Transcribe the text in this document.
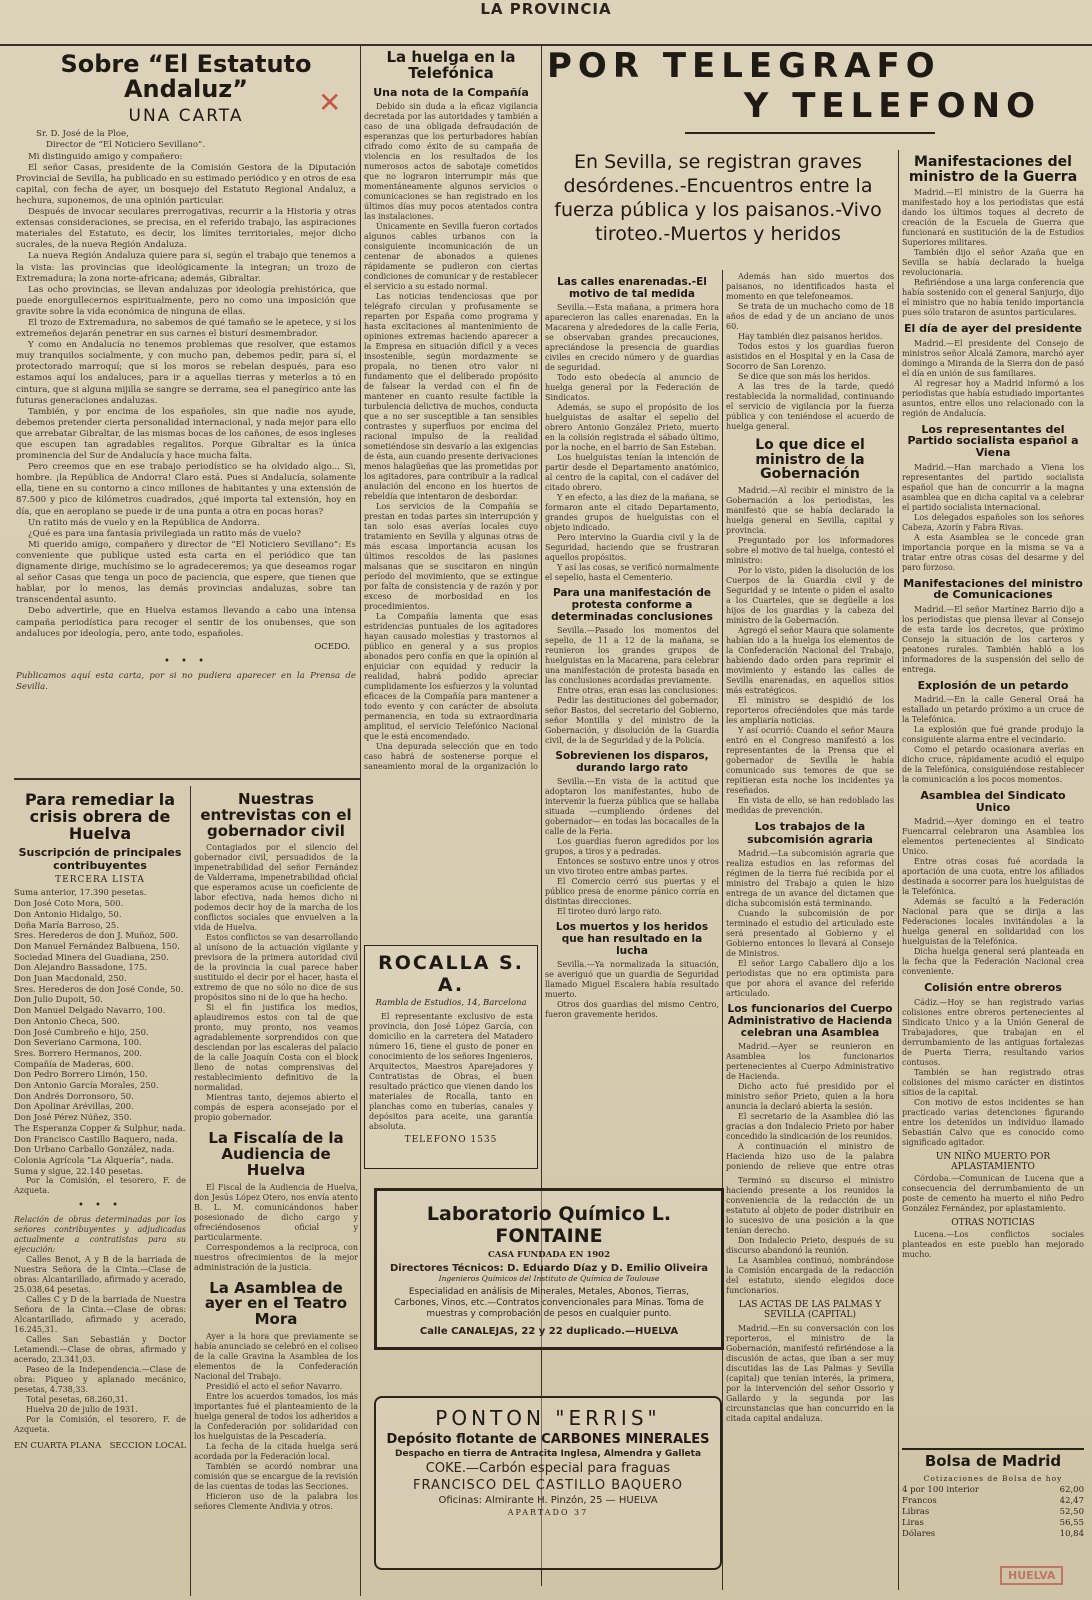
LA PROVINCIA
Sobre “El Estatuto Andaluz”
UNA CARTA

Sr. D. José de la Ploe,

Director de “El Noticiero Sevillano”.

Mi distinguido amigo y compañero:

El señor Casas, presidente de la Comisión Gestora de la Diputación Provincial de Sevilla, ha publicado en su estimado periódico y en otros de esa capital, con fecha de ayer, un bosquejo del Estatuto Regional Andaluz, a hechura, suponemos, de una opinión particular.

Después de invocar seculares prerrogativas, recurrir a la Historia y otras extensas consideraciones, se precisa, en el referido trabajo, las aspiraciones materiales del Estatuto, es decir, los límites territoriales, mejor dicho sucrales, de la nueva Región Andaluza.

La nueva Región Andaluza quiere para sí, según el trabajo que tenemos a la vista: las provincias que ideológicamente la integran; un trozo de Extremadura; la zona norte-africana; además, Gibraltar.

Las ocho provincias, se llevan andaluzas por ideología prehistórica, que puede enorgullecernos espiritualmente, pero no como una imposición que gravite sobre la vida económica de ninguna de ellas.

El trozo de Extremadura, no sabemos de qué tamaño se le apetece, y si los extremeños dejarán penetrar en sus carnes el bisturí desmembrador.

Y como en Andalucía no tenemos problemas que resolver, que estamos muy tranquilos socialmente, y con mucho pan, debemos pedir, para sí, el protectorado marroquí; que si los moros se rebelan después, para eso estamos aquí los andaluces, para ir a aquellas tierras y meterlos a tó en cintura, que si alguna mijilla se sangre se derrama, sea el panegírico ante las futuras generaciones andaluzas.

También, y por encima de los españoles, sin que nadie nos ayude, debemos pretender cierta personalidad internacional, y nada mejor para ello que arrebatar Gibraltar, de las mismas bocas de los cañones, de esos ingleses que escupen tan agradables regalitos. Porque Gibraltar es la única prominencia del Sur de Andalucía y hace mucha falta.

Pero creemos que en ese trabajo periodístico se ha olvidado algo... Si, hombre. ¡la República de Andorra! Claro está. Pues si Andalucía, solamente ella, tiene en su contorno a cinco millones de habitantes y una extensión de 87.500 y pico de kilómetros cuadrados, ¿qué importa tal extensión, hoy en día, que en aeroplano se puede ir de una punta a otra en pocas horas?

Un ratito más de vuelo y en la República de Andorra.

¿Qué es para una fantasía privilegiada un ratito más de vuelo?

Mi querido amigo, compañero y director de “El Noticiero Sevillano”: Es conveniente que publique usted esta carta en el periódico que tan dignamente dirige, muchísimo se lo agradeceremos; ya que deseamos rogar al señor Casas que tenga un poco de paciencia, que espere, que tienen que hablar, por lo menos, las demás provincias andaluzas, sobre tan transcendental asunto.

Debo advertirle, que en Huelva estamos llevando a cabo una intensa campaña periodística para recoger el sentir de los onubenses, que son andaluces por ideología, pero, ante todo, españoles.

OCEDO.
• • •

Publicamos aquí esta carta, por si no pudiera aparecer en la Prensa de Sevilla.

✕
Para remediar la crisis obrera de Huelva
Suscripción de principales contribuyentes
TERCERA LISTA

Suma anterior, 17.390 pesetas.

Don José Coto Mora, 500.

Don Antonio Hidalgo, 50.

Doña María Barroso, 25.

Sres. Herederos de don J. Muñoz, 500.

Don Manuel Fernández Balbuena, 150.

Sociedad Minera del Guadiana, 250.

Don Alejandro Bassadone, 175.

Don Juan Macdonald, 250.

Sres. Herederos de don José Conde, 50.

Don Julio Dupoit, 50.

Don Manuel Delgado Navarro, 100.

Don Antonio Checa, 500.

Don José Cumbreño e hijo, 250.

Don Severiano Carmona, 100.

Sres. Borrero Hermanos, 200.

Compañía de Maderas, 600.

Don Pedro Borrero Limón, 150.

Don Antonio García Morales, 250.

Don Andrés Dorronsoro, 50.

Don Apolinar Arévillas, 200.

Don José Pérez Núñez, 350.

The Esperanza Copper & Sulphur, nada.

Don Francisco Castillo Baquero, nada.

Don Urbano Carballo González, nada.

Colonia Agrícola “La Alquería”, nada.

Suma y sigue, 22.140 pesetas.

Por la Comisión, el tesorero, F. de Azqueta.

• • •

Relación de obras determinadas por los señores contribuyentes y adjudicadas actualmente a contratistas para su ejecución:

Calles Benot, A y B de la barriada de Nuestra Señora de la Cinta.—Clase de obras: Alcantarillado, afirmado y acerado, 25.038,64 pesetas.

Calles C y D de la barriada de Nuestra Señora de la Cinta.—Clase de obras: Alcantarillado, afirmado y acerado, 16.245,31.

Calles San Sebastián y Doctor Letamendi.—Clase de obras, afirmado y acerado, 23.341,03.

Paseo de la Independencia.—Clase de obra: Piqueo y aplanado mecánico, pesetas, 4.738,33.

Total pesetas, 68.260,31.

Huelva 20 de julio de 1931.

Por la Comisión, el tesorero, F. de Azqueta.

EN CUARTA PLANA SECCION LOCAL
La huelga en la Telefónica
Una nota de la Compañía

Debido sin duda a la eficaz vigilancia decretada por las autoridades y también a caso de una obligada defraudación de esperanzas que los perturbadores habían cifrado como éxito de su campaña de violencia en los resultados de los numerosos actos de sabotaje cometidos que no lograron interrumpir más que momentáneamente algunos servicios o comunicaciones se han registrado en los últimos días muy pocos atentados contra las instalaciones.

Únicamente en Sevilla fueron cortados algunos cables urbanos con la consiguiente incomunicación de un centenar de abonados a quienes rápidamente se pudieron con ciertas condiciones de comunicar y de restablecer el servicio a su estado normal.

Las noticias tendenciosas que por telégrafo circulan y profusamente se reparten por España como programa y hasta excitaciones al mantenimiento de opiniones extremas haciendo aparecer a la Empresa en situación difícil y a veces insostenible, según mordazmente se propala, no tienen otro valor ni fundamento que el deliberado propósito de falsear la verdad con el fin de mantener en cuanto resulte factible la turbulencia delictiva de muchos, conducta que a no ser susceptible a tan sensibles contrastes y superfluos por encima del racional impulso de la realidad sometiéndose sin desvarío a las exigencias de ésta, aun cuando presente derivaciones menos halagüeñas que las prometidas por los agitadores, para contribuir a la radical anulación del encono en los huertos de rebeldía que intentaron de desbordar.

Los servicios de la Compañía se prestan en todas partes sin interrupción y tan solo esas averías locales cuyo tratamiento en Sevilla y algunas otras de más escasa importancia acusan los últimos rescoldos de las pasiones malsanas que se suscitaron en ningún período del movimiento, que se extingue por falta de consistencia y de razón y por exceso de morbosidad en los procedimientos.

La Compañía lamenta que esas estridencias puntuales de los agitadores hayan causado molestias y trastornos al público en general y a sus propios abonados pero confía en que la opinión al enjuiciar con equidad y reducir la realidad, habrá podido apreciar cumplidamente los esfuerzos y la voluntad eficaces de la Compañía para mantener a todo evento y con carácter de absoluta permanencia, en toda su extraordinaria amplitud, el servicio Telefónico Nacional que le está encomendado.

Una depurada selección que en todo caso habrá de sostenerse porque el saneamiento moral de la organización lo

Nuestras entrevistas con el gobernador civil

Contagiados por el silencio del gobernador civil, persuadidos de la impenetrabilidad del señor Fernández de Valderrama, impenetrabilidad oficial que esperamos acuse un coeficiente de labor efectiva, nada hemos dicho ni podemos decir hoy de la marcha de los conflictos sociales que envuelven a la vida de Huelva.

Estos conflictos se van desarrollando al unísono de la actuación vigilante y previsora de la primera autoridad civil de la provincia la cual parece haber sustituido el decir por el hacer, hasta el extremo de que no sólo no dice de sus propósitos sino ni de lo que ha hecho.

Si el fin justifica los medios, aplaudiremos estos con tal de que pronto, muy pronto, nos veamos agradablemente sorprendidos con que desciendan por las escaleras del palacio de la calle Joaquín Costa con el block lleno de notas comprensivas del restablecimiento definitivo de la normalidad.

Mientras tanto, dejemos abierto el compás de espera aconsejado por el propio gobernador.

La Fiscalía de la Audiencia de Huelva

El Fiscal de la Audiencia de Huelva, don Jesús López Otero, nos envía atento B. L. M. comunicándonos haber posesionado de dicho cargo y ofreciéndosenos oficial y particularmente.

Correspondemos a la reciproca, con nuestros ofrecimientos de la mejor administración de la justicia.

La Asamblea de ayer en el Teatro Mora

Ayer a la hora que previamente se había anunciado se celebró en el coliseo de la calle Gravina la Asamblea de los elementos de la Confederación Nacional del Trabajo.

Presidió el acto el señor Navarro.

Entre los acuerdos tomados, los más importantes fué el planteamiento de la huelga general de todos los adheridos a la Confederación por solidaridad con los huelguistas de la Pescadería.

La fecha de la citada huelga será acordada por la Federación local.

También se acordó nombrar una comisión que se encargue de la revisión de las cuentas de todas las Secciones.

Hicieron uso de la palabra los señores Clemente Andivia y otros.

POR TELEGRAFO
Y TELEFONO
En Sevilla, se registran graves desórdenes.-Encuentros entre la fuerza pública y los paisanos.-Vivo tiroteo.-Muertos y heridos
Las calles enarenadas.-El motivo de tal medida

Sevilla.—Esta mañana, a primera hora aparecieron las calles enarenadas. En la Macarena y alrededores de la calle Feria, se observaban grandes precauciones, apreciándose la presencia de guardias civiles en crecido número y de guardias de seguridad.

Todo esto obedecía al anuncio de huelga general por la Federación de Sindicatos.

Además, se supo el propósito de los huelguistas de asaltar el sepelio del obrero Antonio González Prieto, muerto en la colisión registrada el sábado último, por la noche, en el barrio de San Esteban.

Los huelguistas tenían la intención de partir desde el Departamento anatómico, al centro de la capital, con el cadáver del citado obrero.

Y en efecto, a las diez de la mañana, se formaron ante el citado Departamento, grandes grupos de huelguistas con el objeto indicado.

Pero intervino la Guardia civil y la de Seguridad, haciendo que se frustraran aquellos propósitos.

Y así las cosas, se verificó normalmente el sepelio, hasta el Cementerio.

Para una manifestación de protesta conforme a determinadas conclusiones

Sevilla.—Pasado los momentos del sepelio, de 11 a 12 de la mañana, se reunieron los grandes grupos de huelguistas en la Macarena, para celebrar una manifestación de protesta basada en las conclusiones acordadas previamente.

Entre otras, eran esas las conclusiones:

Pedir las destituciones del gobernador, señor Bastos, del secretario del Gobierno, señor Montilla y del ministro de la Gobernación, y disolución de la Guardia civil, de la de Seguridad y de la Policía.

Sobrevienen los disparos, durando largo rato

Sevilla.—En vista de la actitud que adoptaron los manifestantes, hubo de intervenir la fuerza pública que se hallaba situada —cumpliendo órdenes del gobernador— en todas las bocacalles de la calle de la Feria.

Los guardias fueron agredidos por los grupos, a tiros y a pedradas.

Entonces se sostuvo entre unos y otros un vivo tiroteo entre ambas partes.

El Comercio cerró sus puertas y el público presa de enorme pánico corría en distintas direcciones.

El tiroteo duró largo rato.

Los muertos y los heridos que han resultado en la lucha

Sevilla.—Ya normalizada la situación, se averiguó que un guardia de Seguridad llamado Miguel Escalera había resultado muerto.

Otros dos guardias del mismo Centro, fueron gravemente heridos.

ROCALLA S. A.
Rambla de Estudios, 14, Barcelona

El representante exclusivo de esta provincia, don José López García, con domicilio en la carretera del Matadero número 16, tiene el gusto de poner en conocimiento de los señores Ingenieros, Arquitectos, Maestros Aparejadores y Contratistas de Obras, el buen resultado práctico que vienen dando los materiales de Rocalla, tanto en planchas como en tuberías, canales y depósitos para aceite, una garantía absoluta.

TELEFONO 1535

Además han sido muertos dos paisanos, no identificados hasta el momento en que telefoneamos.

Se trata de un muchacho como de 18 años de edad y de un anciano de unos 60.

Hay también diez paisanos heridos.

Todos estos y los guardias fueron asistidos en el Hospital y en la Casa de Socorro de San Lorenzo.

Se dice que son más los heridos.

A las tres de la tarde, quedó restablecida la normalidad, continuando el servicio de vigilancia por la fuerza pública y con teniéndose el acuerdo de huelga general.

Lo que dice el ministro de la Gobernación

Madrid.—Al recibir el ministro de la Gobernación a los periodistas, les manifestó que se había declarado la huelga general en Sevilla, capital y provincia.

Preguntado por los informadores sobre el motivo de tal huelga, contestó el ministro:

Por lo visto, piden la disolución de los Cuerpos de la Guardia civil y de Seguridad y se intente o piden el asalto a los Cuarteles, que se degüelle a los hijos de los guardias y la cabeza del ministro de la Gobernación.

Agregó el señor Maura que solamente habían ido a la huelga los elementos de la Confederación Nacional del Trabajo, habiendo dado orden para reprimir el movimiento y estando las calles de Sevilla enarenadas, en aquellos sitios más estratégicos.

El ministro se despidió de los reporteros ofreciéndoles que más tarde les ampliaría noticias.

Y así ocurrió: Cuando el señor Maura entró en el Congreso manifestó a los representantes de la Prensa que el gobernador de Sevilla le había comunicado sus temores de que se repitieran esta noche los incidentes ya reseñados.

En vista de ello, se han redoblado las medidas de prevención.

Los trabajos de la subcomisión agraria

Madrid.—La subcomisión agraria que realiza estudios en las reformas del régimen de la tierra fué recibida por el ministro del Trabajo a quien le hizo entrega de un avance del dictamen que dicha subcomisión está terminando.

Cuando la subcomisión de por terminado el estudio del articulado este será presentado al Gobierno y el Gobierno entonces lo llevará al Consejo de Ministros.

El señor Largo Caballero dijo a los periodistas que no era optimista para que por ahora el avance del referido articulado.

Los funcionarios del Cuerpo Administrativo de Hacienda celebran una Asamblea

Madrid.—Ayer se reunieron en Asamblea los funcionarios pertenecientes al Cuerpo Administrativo de Hacienda.

Dicho acto fué presidido por el ministro señor Prieto, quien a la hora anuncia la declaró abierta la sesión.

El secretario de la Asamblea dió las gracias a don Indalecio Prieto por haber concedido la sindicación de los reunidos.

A continuación el ministro de Hacienda hizo uso de la palabra poniendo de relieve que entre otras

Terminó su discurso el ministro haciendo presente a los reunidos la conveniencia de la redacción de un estatuto al objeto de poder distribuir en lo sucesivo de una posición a la que tenían derecho.

Don Indalecio Prieto, después de su discurso abandonó la reunión.

La Asamblea continuó, nombrándose la Comisión encargada de la redacción del estatuto, siendo elegidos doce funcionarios.

LAS ACTAS DE LAS PALMAS Y SEVILLA (CAPITAL)

Madrid.—En su conversación con los reporteros, el ministro de la Gobernación, manifestó refiriéndose a la discusión de actas, que iban a ser muy discutidas las de Las Palmas y Sevilla (capital) que tenían interés, la primera, por la intervención del señor Ossorio y Gallardo y la segunda por las circunstancias que han concurrido en la citada capital andaluza.

Manifestaciones del ministro de la Guerra

Madrid.—El ministro de la Guerra ha manifestado hoy a los periodistas que está dando los últimos toques al decreto de creación de la Escuela de Guerra que funcionará en sustitución de la de Estudios Superiores militares.

También dijo el señor Azaña que en Sevilla se había declarado la huelga revolucionaria.

Refiriéndose a una larga conferencia que había sostenido con el general Sanjurjo, dijo el ministro que no había tenido importancia pues sólo trataron de asuntos particulares.

El día de ayer del presidente

Madrid.—El presidente del Consejo de ministros señor Alcalá Zamora, marchó ayer domingo a Miranda de la Sierra don de pasó el día en unión de sus familiares.

Al regresar hoy a Madrid informó a los periodistas que había estudiado importantes asuntos, entre ellos uno relacionado con la región de Andalucía.

Los representantes del Partido socialista español a Viena

Madrid.—Han marchado a Viena los representantes del partido socialista español que han de concurrir a la magna asamblea que en dicha capital va a celebrar el partido socialista internacional.

Los delegados españoles son los señores Cabeza, Azorín y Fabra Rivas.

A esta Asamblea se le concede gran importancia porque en la misma se va a tratar entre otras cosas del desarme y del paro forzoso.

Manifestaciones del ministro de Comunicaciones

Madrid.—El señor Martínez Barrio dijo a los periodistas que piensa llevar al Consejo de esta tarde los decretos, que próximo Consejo la situación de los carteros y peatones rurales. También habló a los informadores de la suspensión del sello de entrega.

Explosión de un petardo

Madrid.—En la calle General Oraá ha estallado un petardo próximo a un cruce de la Telefónica.

La explosión que fué grande produjo la consiguiente alarma entre el vecindario.

Como el petardo ocasionara averías en dicho cruce, rápidamente acudió el equipo de la Telefónica, consiguiéndose restablecer la comunicación a los pocos momentos.

Asamblea del Sindicato Unico

Madrid.—Ayer domingo en el teatro Fuencarral celebraron una Asamblea los elementos pertenecientes al Sindicato Unico.

Entre otras cosas fué acordada la aportación de una cuota, entre los afiliados destinada a socorrer para los huelguistas de la Telefónica.

Además se facultó a la Federación Nacional para que se dirija a las Federaciones locales invitándolas a la huelga general en solidaridad con los huelguistas de la Telefónica.

Dicha huelga general será planteada en la fecha que la Federación Nacional crea conveniente.

Colisión entre obreros

Cádiz.—Hoy se han registrado varias colisiones entre obreros pertenecientes al Sindicato Unico y a la Unión General de Trabajadores, que trabajan en el derrumbamiento de las antiguas fortalezas de Puerta Tierra, resultando varios contusos.

También se han registrado otras colisiones del mismo carácter en distintos sitios de la capital.

Con motivo de estos incidentes se han practicado varias detenciones figurando entre los detenidos un individuo llamado Sebastián Calvo que es conocido como significado agitador.

UN NIÑO MUERTO POR APLASTAMIENTO

Córdoba.—Comunican de Lucena que a consecuencia del derrumbamiento de un poste de cemento ha muerto el niño Pedro González Fernández, por aplastamiento.

OTRAS NOTICIAS

Lucena.—Los conflictos sociales planteados en este pueblo han mejorado mucho.

Bolsa de Madrid
Cotizaciones de Bolsa de hoy
4 por 100 interior	62,00
Francos	42,47
Libras	52,50
Liras	56,55
Dólares	10,84
Laboratorio Químico L. FONTAINE
CASA FUNDADA EN 1902
Directores Técnicos: D. Eduardo Díaz y D. Emilio Oliveira
Ingenieros Químicos del Instituto de Química de Toulouse
Especialidad en análisis de Minerales, Metales, Abonos, Tierras, Carbones, Vinos, etc.—Contratos convencionales para Minas. Toma de muestras y comprobación de pesos en cualquier punto.
Calle CANALEJAS, 22 y 22 duplicado.—HUELVA
PONTON "ERRIS"
Depósito flotante de CARBONES MINERALES
Despacho en tierra de Antracita Inglesa, Almendra y Galleta
COKE.—Carbón especial para fraguas
FRANCISCO DEL CASTILLO BAQUERO
Oficinas: Almirante H. Pinzón, 25 — HUELVA
APARTADO 37
HUELVA
